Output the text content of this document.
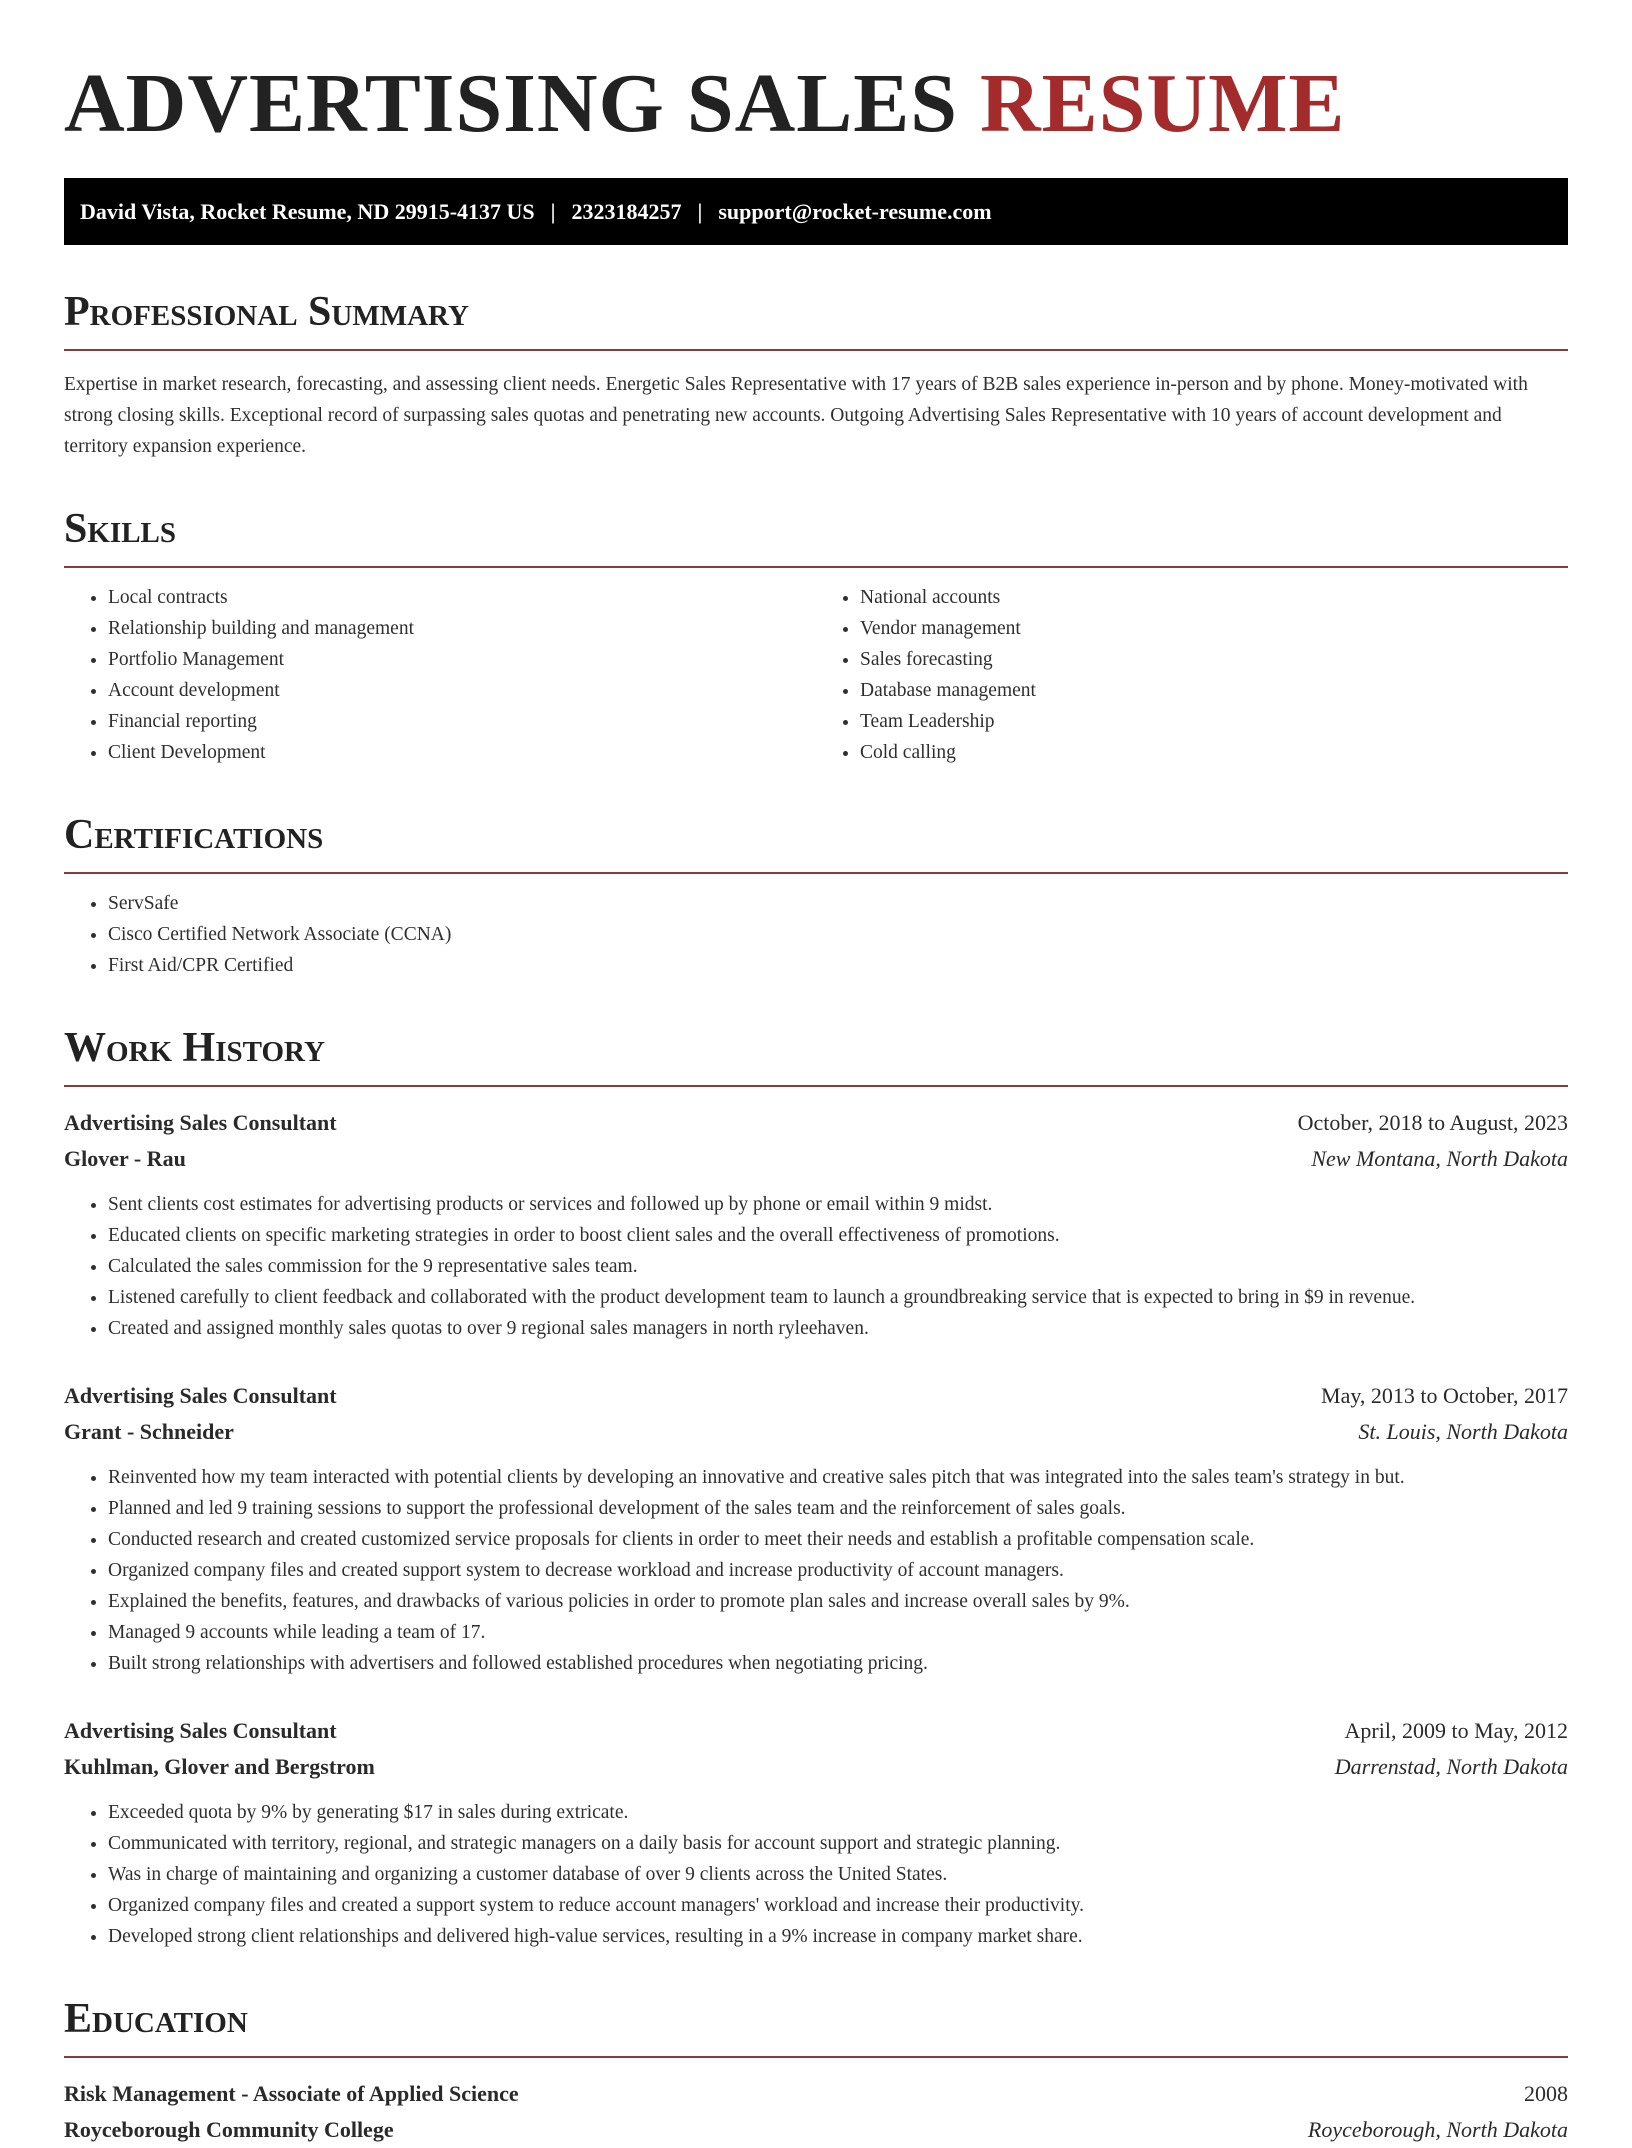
ADVERTISING SALES RESUME
David Vista, Rocket Resume, ND 29915-4137 US | 2323184257 | support@rocket-resume.com
Professional Summary

Expertise in market research, forecasting, and assessing client needs. Energetic Sales Representative with 17 years of B2B sales experience in-person and by phone. Money-motivated with strong closing skills. Exceptional record of surpassing sales quotas and penetrating new accounts. Outgoing Advertising Sales Representative with 10 years of account development and territory expansion experience.

Skills
• Local contracts
• Relationship building and management
• Portfolio Management
• Account development
• Financial reporting
• Client Development
• National accounts
• Vendor management
• Sales forecasting
• Database management
• Team Leadership
• Cold calling
Certifications
• ServSafe
• Cisco Certified Network Associate (CCNA)
• First Aid/CPR Certified
Work History
Advertising Sales Consultant	October, 2018 to August, 2023
Glover - Rau	New Montana, North Dakota
• Sent clients cost estimates for advertising products or services and followed up by phone or email within 9 midst.
• Educated clients on specific marketing strategies in order to boost client sales and the overall effectiveness of promotions.
• Calculated the sales commission for the 9 representative sales team.
• Listened carefully to client feedback and collaborated with the product development team to launch a groundbreaking service that is expected to bring in $9 in revenue.
• Created and assigned monthly sales quotas to over 9 regional sales managers in north ryleehaven.
Advertising Sales Consultant	May, 2013 to October, 2017
Grant - Schneider	St. Louis, North Dakota
• Reinvented how my team interacted with potential clients by developing an innovative and creative sales pitch that was integrated into the sales team's strategy in but.
• Planned and led 9 training sessions to support the professional development of the sales team and the reinforcement of sales goals.
• Conducted research and created customized service proposals for clients in order to meet their needs and establish a profitable compensation scale.
• Organized company files and created support system to decrease workload and increase productivity of account managers.
• Explained the benefits, features, and drawbacks of various policies in order to promote plan sales and increase overall sales by 9%.
• Managed 9 accounts while leading a team of 17.
• Built strong relationships with advertisers and followed established procedures when negotiating pricing.
Advertising Sales Consultant	April, 2009 to May, 2012
Kuhlman, Glover and Bergstrom	Darrenstad, North Dakota
• Exceeded quota by 9% by generating $17 in sales during extricate.
• Communicated with territory, regional, and strategic managers on a daily basis for account support and strategic planning.
• Was in charge of maintaining and organizing a customer database of over 9 clients across the United States.
• Organized company files and created a support system to reduce account managers' workload and increase their productivity.
• Developed strong client relationships and delivered high-value services, resulting in a 9% increase in company market share.
Education
Risk Management - Associate of Applied Science	2008
Royceborough Community College	Royceborough, North Dakota
